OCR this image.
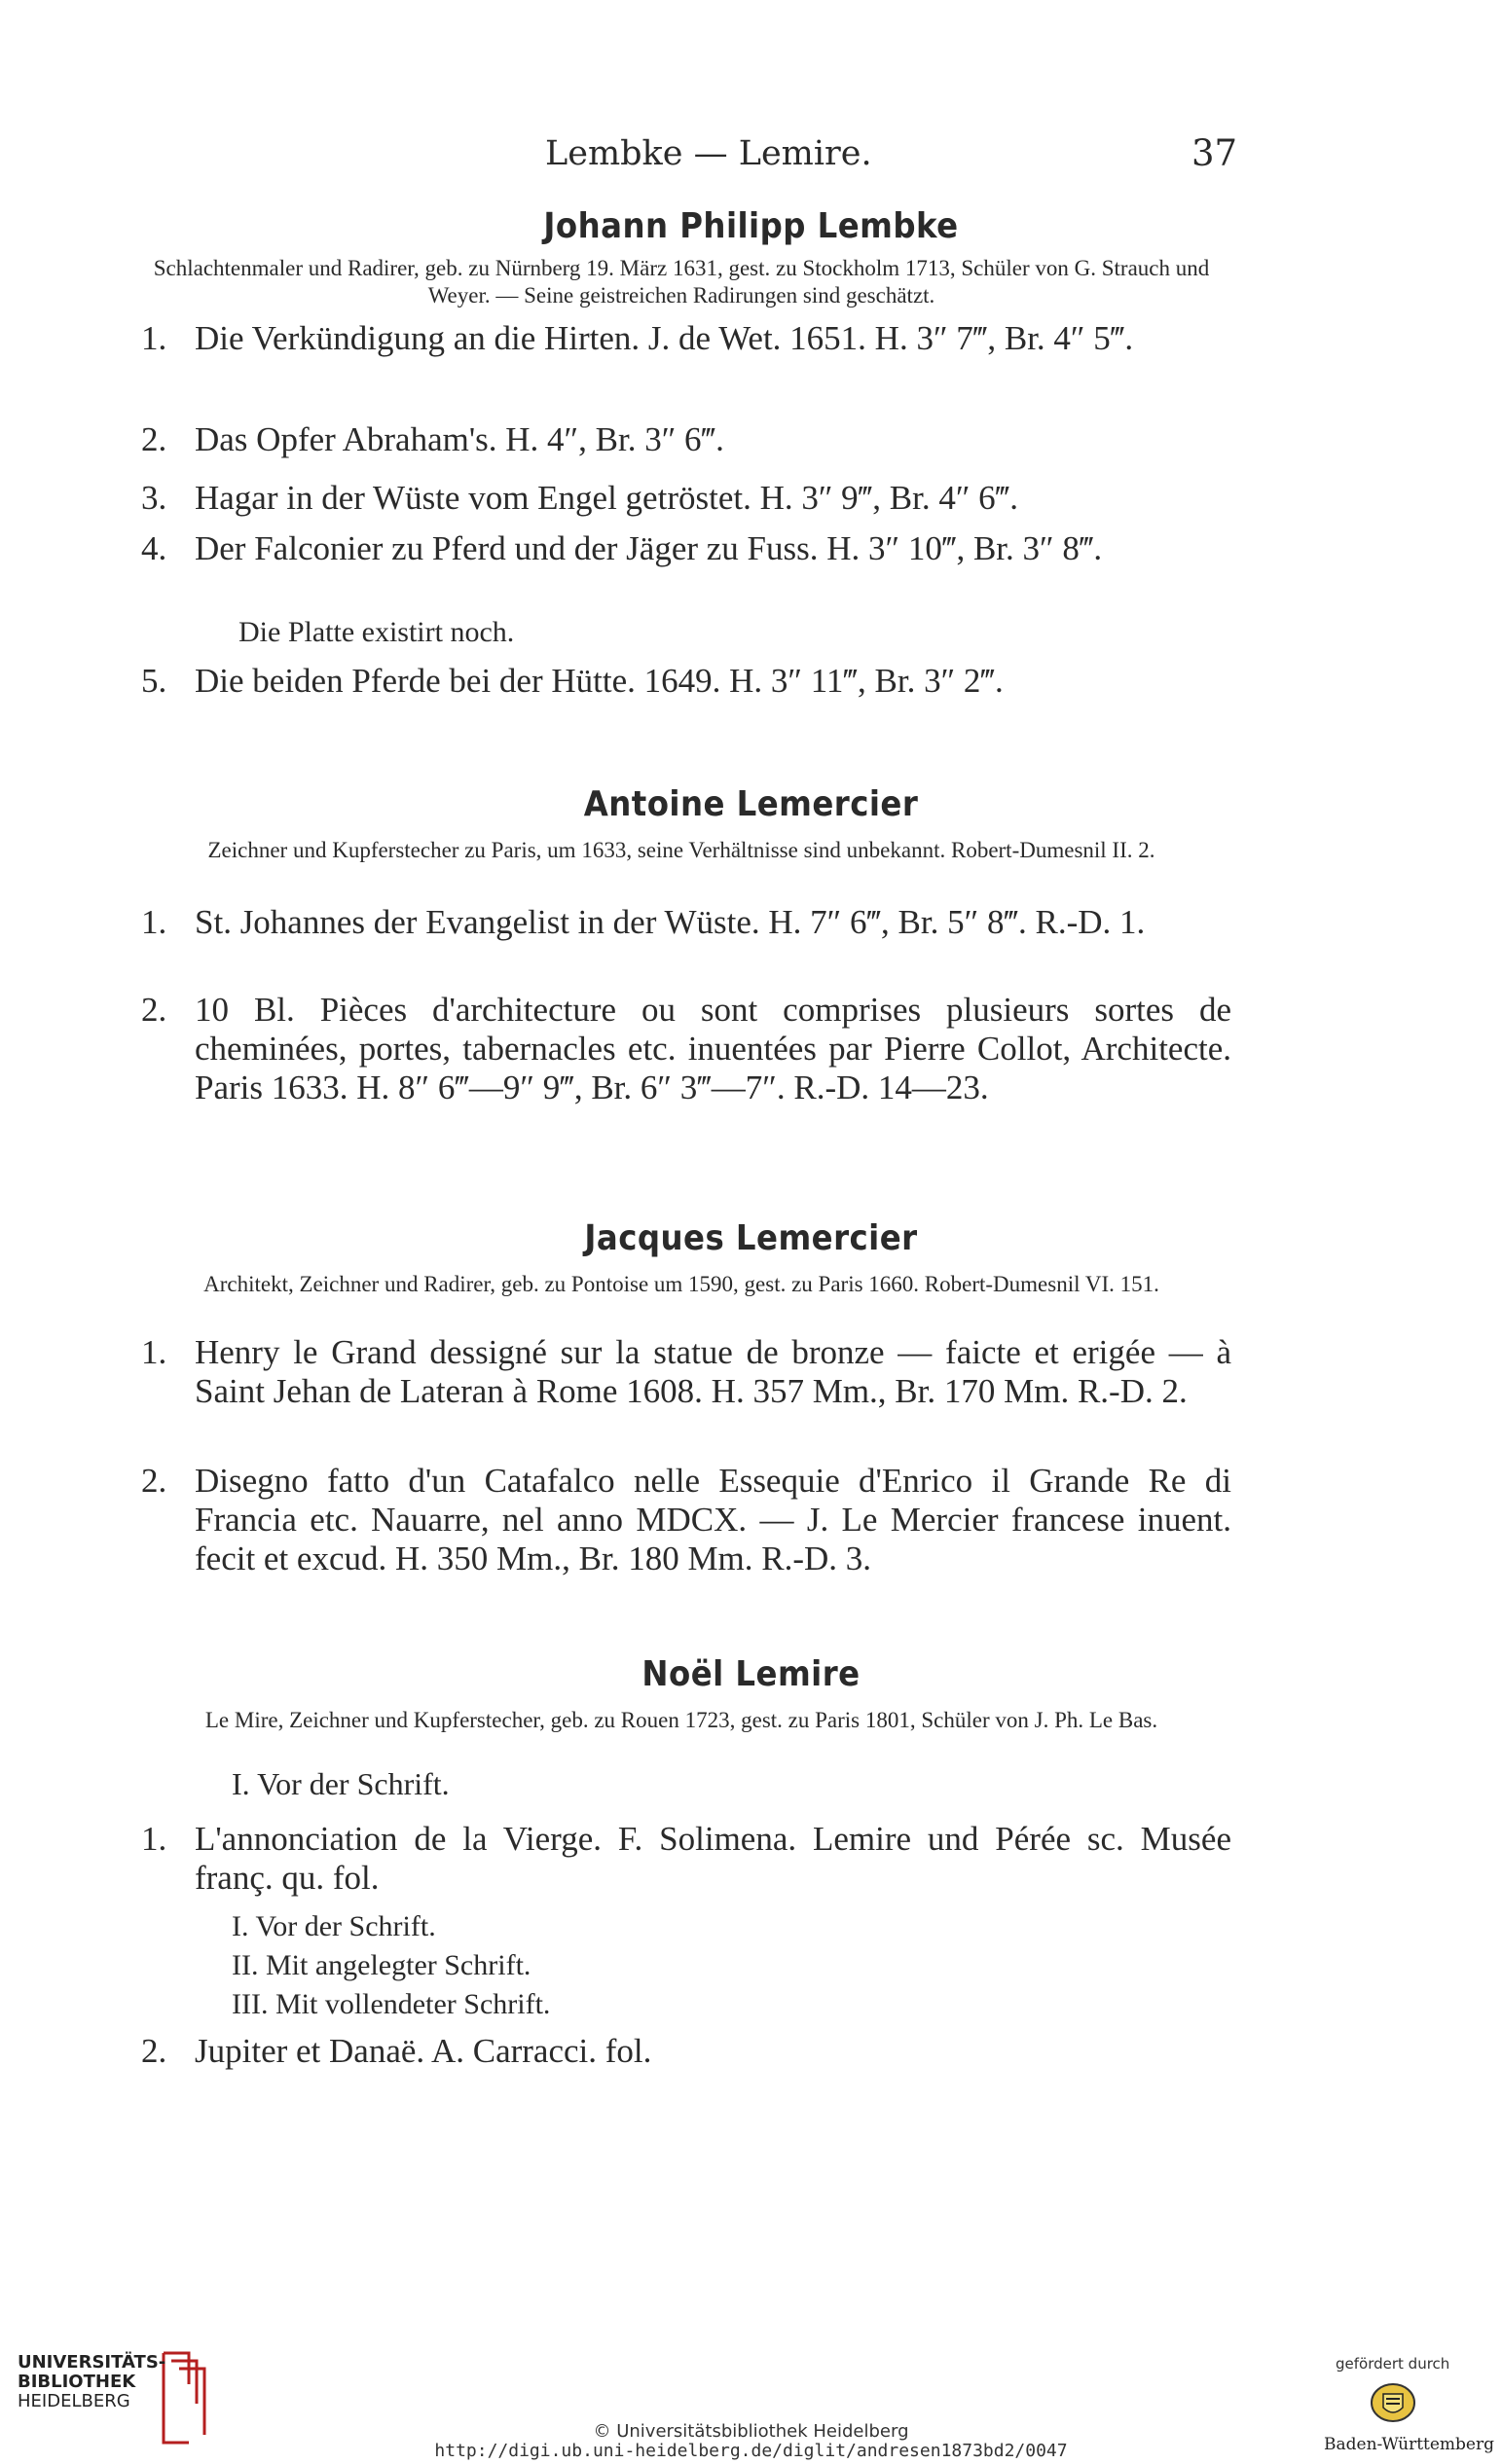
Lembke — Lemire.	37
Johann Philipp Lembke
Schlachtenmaler und Radirer, geb. zu Nürnberg 19. März 1631, gest. zu Stockholm 1713, Schüler von G. Strauch und Weyer. — Seine geistreichen Radirungen sind geschätzt.
1. Die Verkündigung an die Hirten. J. de Wet. 1651. H. 3″ 7‴, Br. 4″ 5‴.
2. Das Opfer Abraham's. H. 4″, Br. 3″ 6‴.
3. Hagar in der Wüste vom Engel getröstet. H. 3″ 9‴, Br. 4″ 6‴.
4. Der Falconier zu Pferd und der Jäger zu Fuss. H. 3″ 10‴, Br. 3″ 8‴.
Die Platte existirt noch.
5. Die beiden Pferde bei der Hütte. 1649. H. 3″ 11‴, Br. 3″ 2‴.
Antoine Lemercier
Zeichner und Kupferstecher zu Paris, um 1633, seine Verhältnisse sind unbekannt. Robert-Dumesnil II. 2.
1. St. Johannes der Evangelist in der Wüste. H. 7″ 6‴, Br. 5″ 8‴. R.-D. 1.
2. 10 Bl. Pièces d'architecture ou sont comprises plusieurs sortes de cheminées, portes, tabernacles etc. inuentées par Pierre Collot, Architecte. Paris 1633. H. 8″ 6‴—9″ 9‴, Br. 6″ 3‴—7″. R.-D. 14—23.
Jacques Lemercier
Architekt, Zeichner und Radirer, geb. zu Pontoise um 1590, gest. zu Paris 1660. Robert-Dumesnil VI. 151.
1. Henry le Grand dessigné sur la statue de bronze — faicte et erigée — à Saint Jehan de Lateran à Rome 1608. H. 357 Mm., Br. 170 Mm. R.-D. 2.
2. Disegno fatto d'un Catafalco nelle Essequie d'Enrico il Grande Re di Francia etc. Nauarre, nel anno MDCX. — J. Le Mercier francese inuent. fecit et excud. H. 350 Mm., Br. 180 Mm. R.-D. 3.
Noël Lemire
Le Mire, Zeichner und Kupferstecher, geb. zu Rouen 1723, gest. zu Paris 1801, Schüler von J. Ph. Le Bas.
I. Vor der Schrift.
1. L'annonciation de la Vierge. F. Solimena. Lemire und Pérée sc. Musée franç. qu. fol.
I. Vor der Schrift.
II. Mit angelegter Schrift.
III. Mit vollendeter Schrift.
2. Jupiter et Danaë. A. Carracci. fol.
UNIVERSITÄTS-
BIBLIOTHEK
HEIDELBERG
© Universitätsbibliothek Heidelberg
http://digi.ub.uni-heidelberg.de/diglit/andresen1873bd2/0047
gefördert durch
Baden-Württemberg
